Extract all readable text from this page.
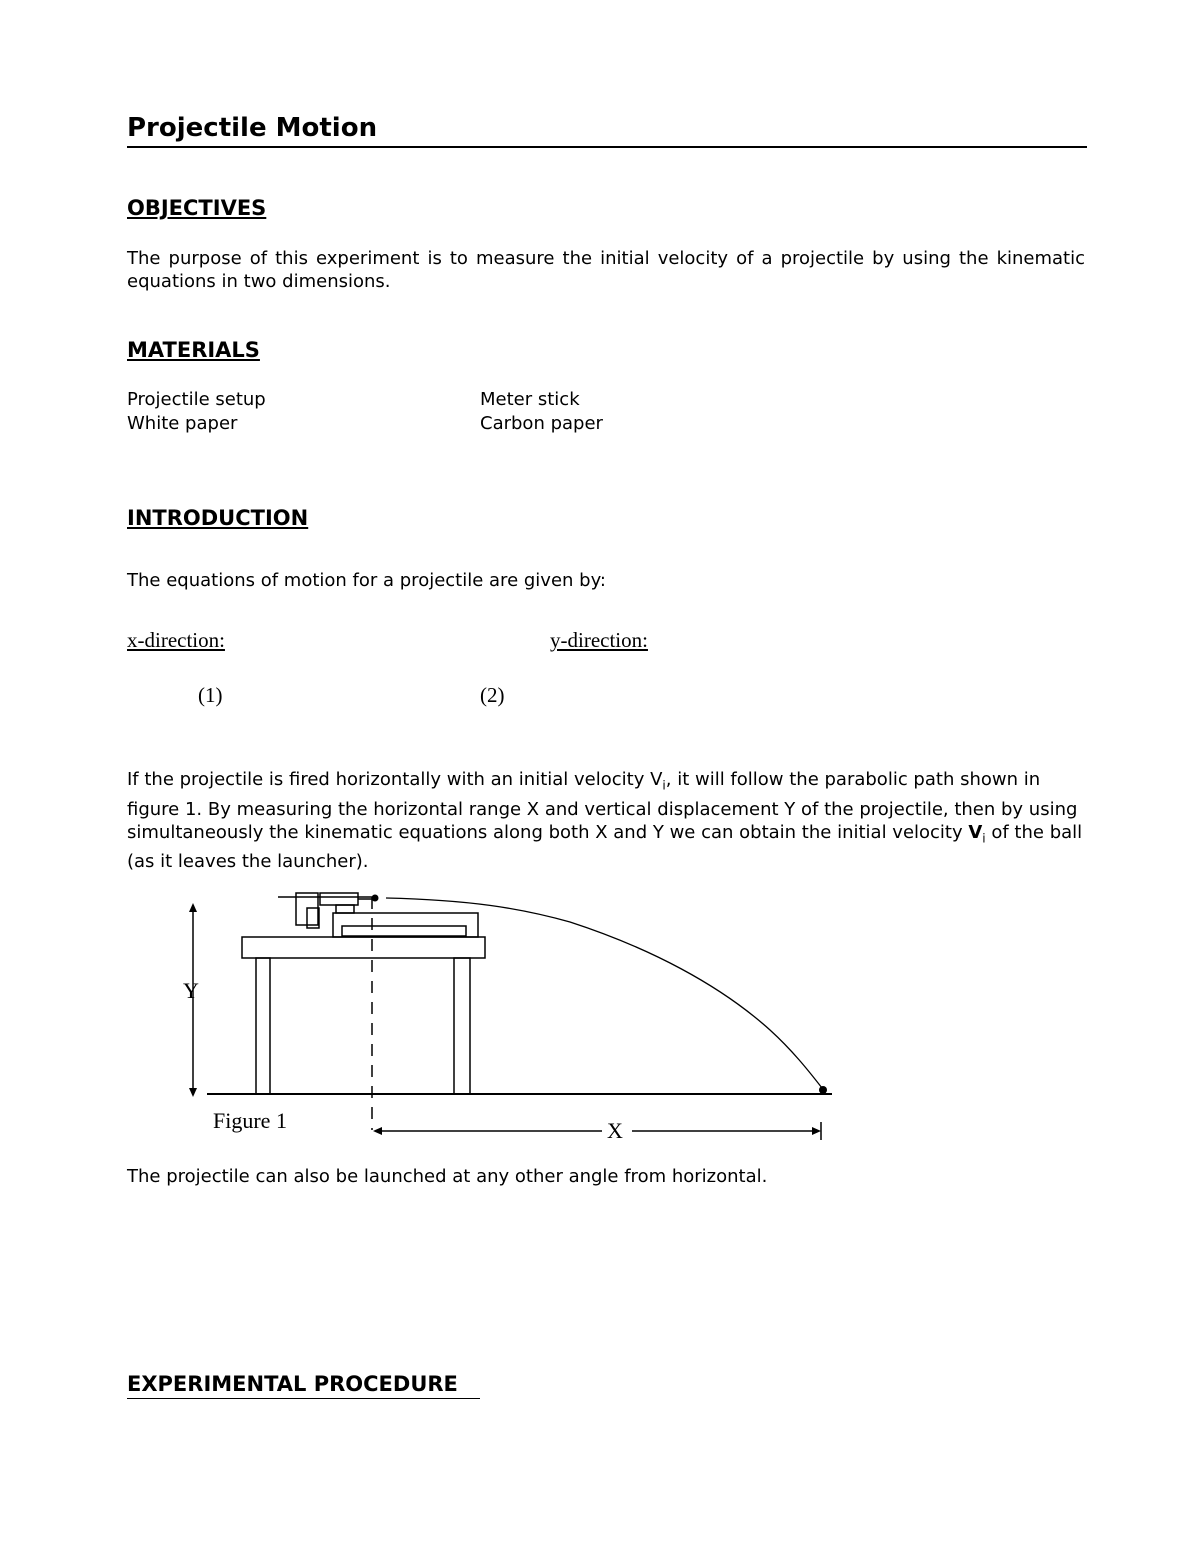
Projectile Motion
OBJECTIVES
The purpose of this experiment is to measure the initial velocity of a projectile by using the kinematic equations in two dimensions.
MATERIALS
Projectile setup	Meter stick
White paper	Carbon paper
INTRODUCTION
The equations of motion for a projectile are given by:
x-direction:	y-direction:
(1)	(2)
If the projectile is fired horizontally with an initial velocity $V_i$, it will follow the parabolic path shown in figure 1. By measuring the horizontal range X and vertical displacement Y of the projectile, then by using simultaneously the kinematic equations along both X and Y we can obtain the initial velocity $V_i$ of the ball (as it leaves the launcher).
Y
X
Figure 1
The projectile can also be launched at any other angle from horizontal.
EXPERIMENTAL PROCEDURE
